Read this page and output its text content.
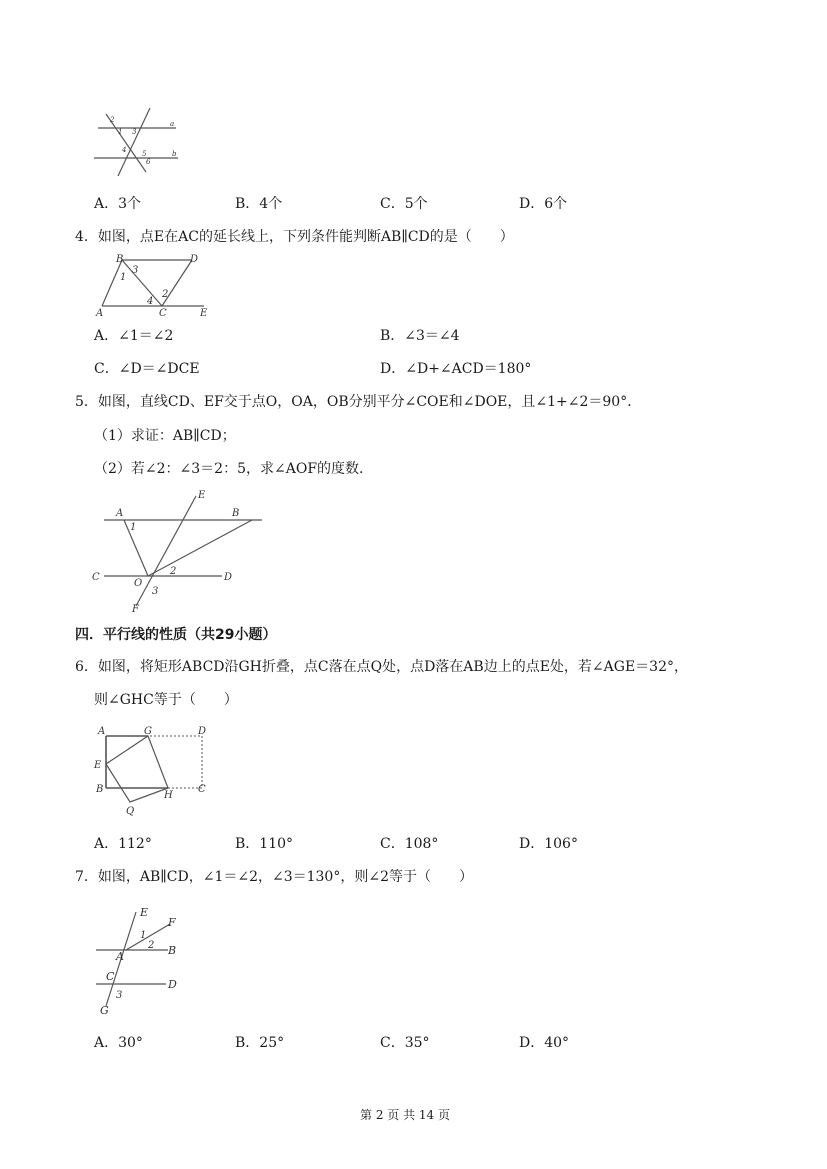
a
b
1
2
3
4 5
6
A．3个	B．4个	C．5个	D．6个
4．如图，点E在AC的延长线上，下列条件能判断AB∥CD的是（　　）
B	D
A	C	E
1
3
2
4
A．∠1＝∠2	B．∠3＝∠4
C．∠D＝∠DCE	D．∠D+∠ACD＝180°
5．如图，直线CD、EF交于点O，OA，OB分别平分∠COE和∠DOE，且∠1+∠2＝90°．
（1）求证：AB∥CD；
（2）若∠2：∠3＝2：5，求∠AOF的度数．
A	B
C	D
E
F
O
1
2
3
四．平行线的性质（共29小题）
6．如图，将矩形ABCD沿GH折叠，点C落在点Q处，点D落在AB边上的点E处，若∠AGE＝32°，
则∠GHC等于（　　）
A	G	D
E
B
H
C
Q
A．112°	B．110°	C．108°	D．106°
7．如图，AB∥CD，∠1＝∠2，∠3＝130°，则∠2等于（　　）
E
F
B
A
C
D
G
1
2
3
A．30°	B．25°	C．35°	D．40°
第 2 页 共 14 页
